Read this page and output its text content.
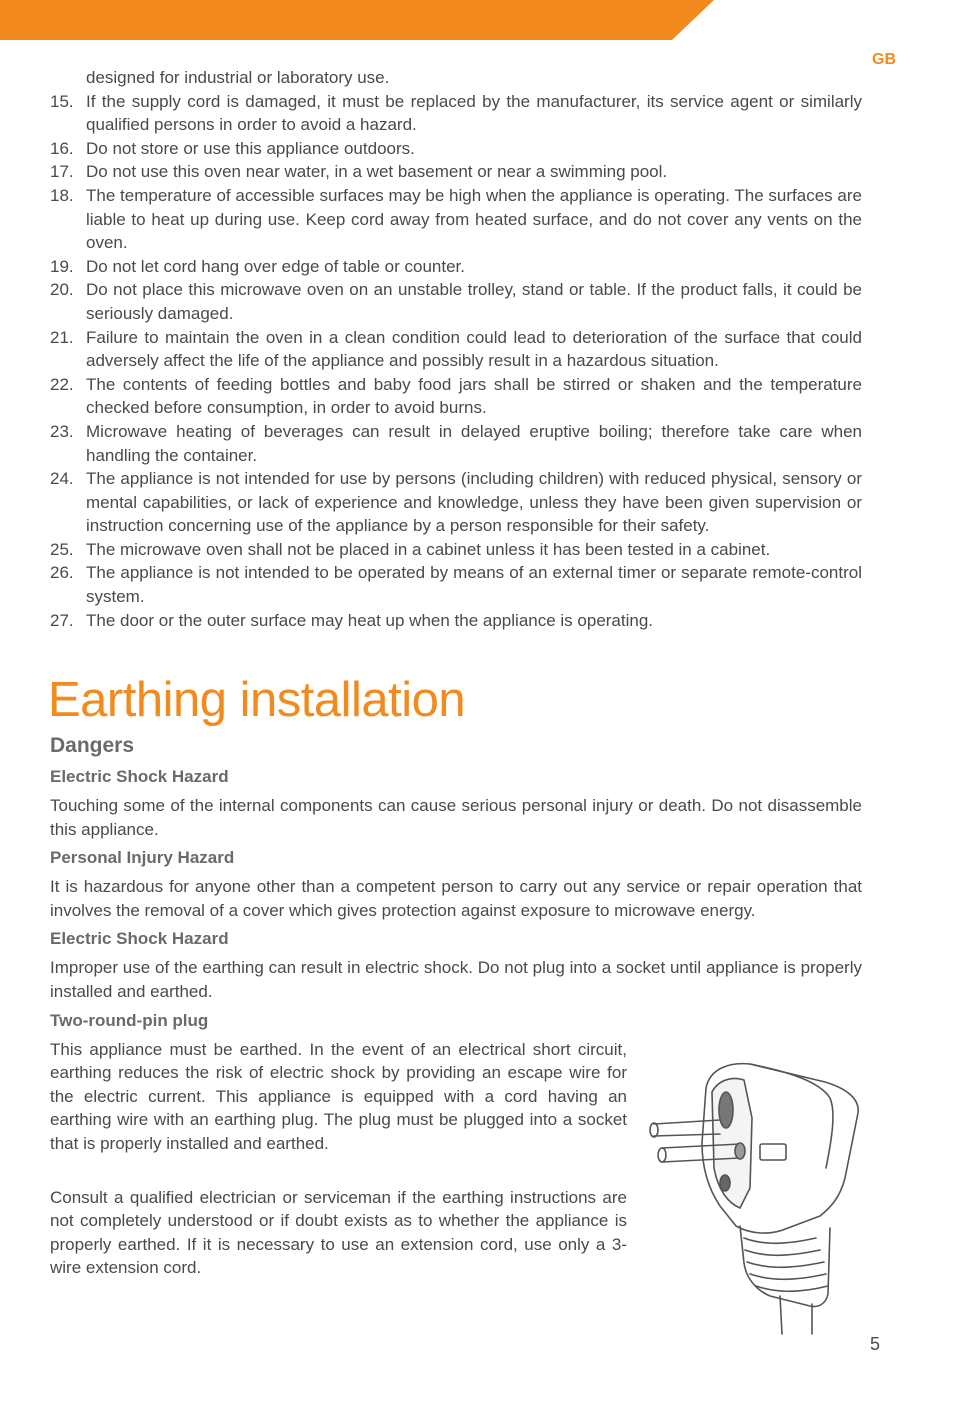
GB
designed for industrial or laboratory use.
15. If the supply cord is damaged, it must be replaced by the manufacturer, its service agent or similarly qualified persons in order to avoid a hazard.
16. Do not store or use this appliance outdoors.
17. Do not use this oven near water, in a wet basement or near a swimming pool.
18. The temperature of accessible surfaces may be high when the appliance is operating. The surfaces are liable to heat up during use. Keep cord away from heated surface, and do not cover any vents on the oven.
19. Do not let cord hang over edge of table or counter.
20. Do not place this microwave oven on an unstable trolley, stand or table. If the product falls, it could be seriously damaged.
21. Failure to maintain the oven in a clean condition could lead to deterioration of the surface that could adversely affect the life of the appliance and possibly result in a hazardous situation.
22. The contents of feeding bottles and baby food jars shall be stirred or shaken and the temperature checked before consumption, in order to avoid burns.
23. Microwave heating of beverages can result in delayed eruptive boiling; therefore take care when handling the container.
24. The appliance is not intended for use by persons (including children) with reduced physical, sensory or mental capabilities, or lack of experience and knowledge, unless they have been given supervision or instruction concerning use of the appliance by a person responsible for their safety.
25. The microwave oven shall not be placed in a cabinet unless it has been tested in a cabinet.
26. The appliance is not intended to be operated by means of an external timer or separate remote-control system.
27. The door or the outer surface may heat up when the appliance is operating.
Earthing installation
Dangers
Electric Shock Hazard

Touching some of the internal components can cause serious personal injury or death. Do not disassemble this appliance.

Personal Injury Hazard

It is hazardous for anyone other than a competent person to carry out any service or repair operation that involves the removal of a cover which gives protection against exposure to microwave energy.

Electric Shock Hazard

Improper use of the earthing can result in electric shock. Do not plug into a socket until appliance is properly installed and earthed.

Two-round-pin plug

This appliance must be earthed. In the event of an electrical short circuit, earthing reduces the risk of electric shock by providing an escape wire for the electric current. This appliance is equipped with a cord having an earthing wire with an earthing plug. The plug must be plugged into a socket that is properly installed and earthed.

Consult a qualified electrician or serviceman if the earthing instructions are not completely understood or if doubt exists as to whether the appliance is properly earthed. If it is necessary to use an extension cord, use only a 3-wire extension cord.

5
